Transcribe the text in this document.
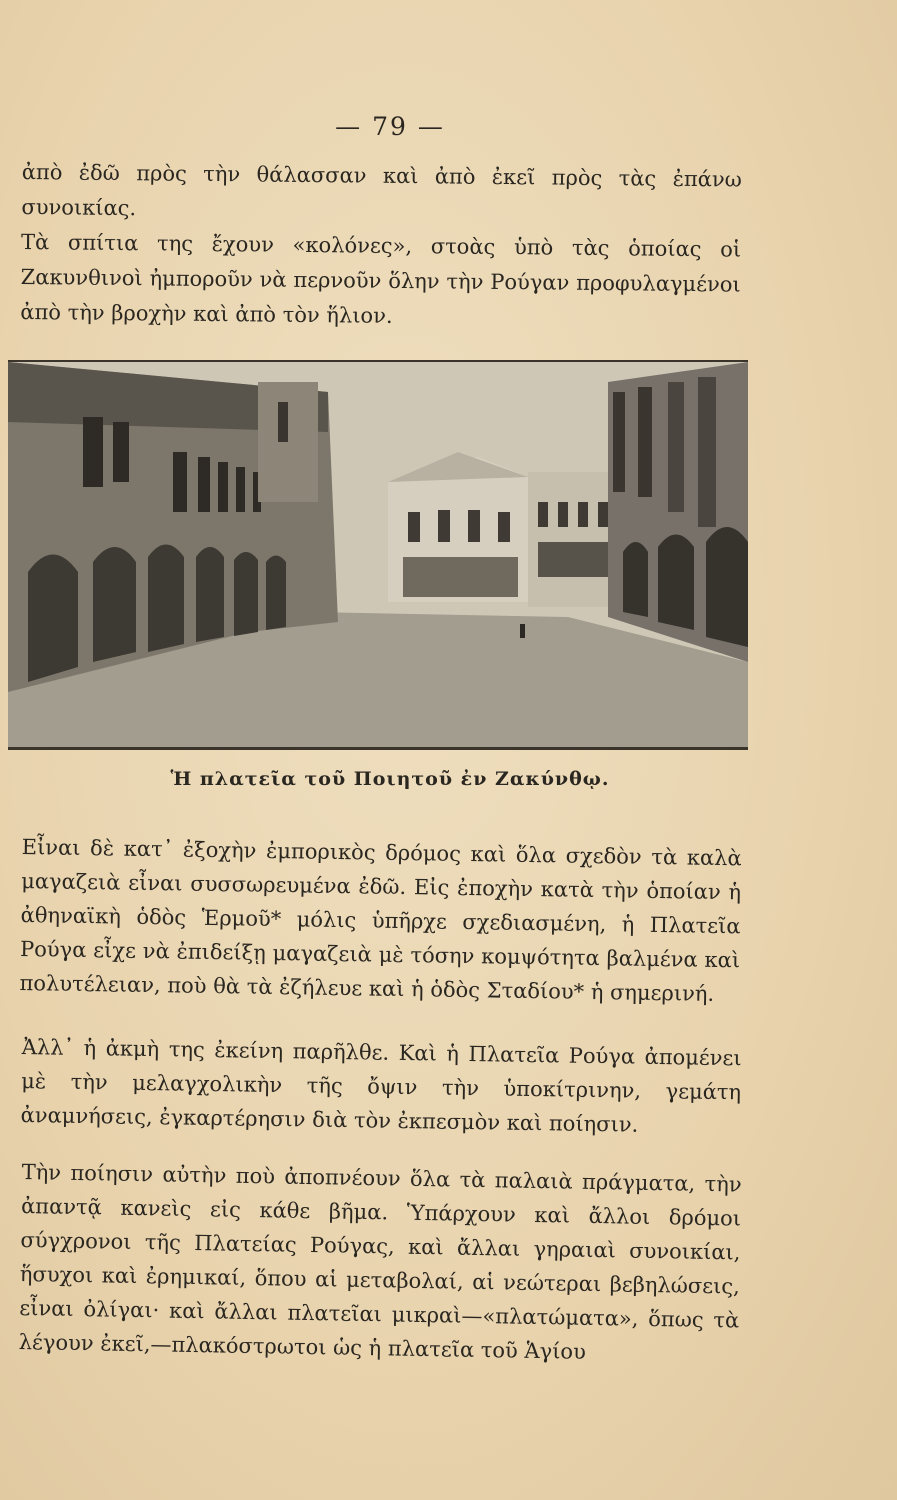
— 79 —
ἀπὸ ἐδῶ πρὸς τὴν θάλασσαν καὶ ἀπὸ ἐκεῖ πρὸς τὰς ἐπάνω συνοικίας.
Τὰ σπίτια της ἔχουν «κολόνες», στοὰς ὑπὸ τὰς ὁποίας οἱ Ζακυνθινοὶ ἠμποροῦν νὰ περνοῦν ὅλην τὴν Ρούγαν προφυλαγμένοι ἀπὸ τὴν βροχὴν καὶ ἀπὸ τὸν ἥλιον.
Ἡ πλατεῖα τοῦ Ποιητοῦ ἐν Ζακύνθῳ.
Εἶναι δὲ κατ᾽ ἐξοχὴν ἐμπορικὸς δρόμος καὶ ὅλα σχεδὸν τὰ καλὰ μαγαζειὰ εἶναι συσσωρευμένα ἐδῶ. Εἰς ἐποχὴν κατὰ τὴν ὁποίαν ἡ ἀθηναϊκὴ ὁδὸς Ἑρμοῦ* μόλις ὑπῆρχε σχεδιασμένη, ἡ Πλατεῖα Ρούγα εἶχε νὰ ἐπιδείξῃ μαγαζειὰ μὲ τόσην κομψότητα βαλμένα καὶ πολυτέλειαν, ποὺ θὰ τὰ ἐζήλευε καὶ ἡ ὁδὸς Σταδίου* ἡ σημερινή.
Ἀλλ᾽ ἡ ἀκμὴ της ἐκείνη παρῆλθε. Καὶ ἡ Πλατεῖα Ρούγα ἀπομένει μὲ τὴν μελαγχολικὴν τῆς ὄψιν τὴν ὑποκίτρινην, γεμάτη ἀναμνήσεις, ἐγκαρτέρησιν διὰ τὸν ἐκπεσμὸν καὶ ποίησιν.
Τὴν ποίησιν αὐτὴν ποὺ ἀποπνέουν ὅλα τὰ παλαιὰ πράγματα, τὴν ἀπαντᾷ κανεὶς εἰς κάθε βῆμα. Ὑπάρχουν καὶ ἄλλοι δρόμοι σύγχρονοι τῆς Πλατείας Ρούγας, καὶ ἄλλαι γηραιαὶ συνοικίαι, ἥσυχοι καὶ ἐρημικαί, ὅπου αἱ μεταβολαί, αἱ νεώτεραι βεβηλώσεις, εἶναι ὀλίγαι· καὶ ἄλλαι πλατεῖαι μικραὶ—«πλατώματα», ὅπως τὰ λέγουν ἐκεῖ,—πλακόστρωτοι ὡς ἡ πλατεῖα τοῦ Ἁγίου
